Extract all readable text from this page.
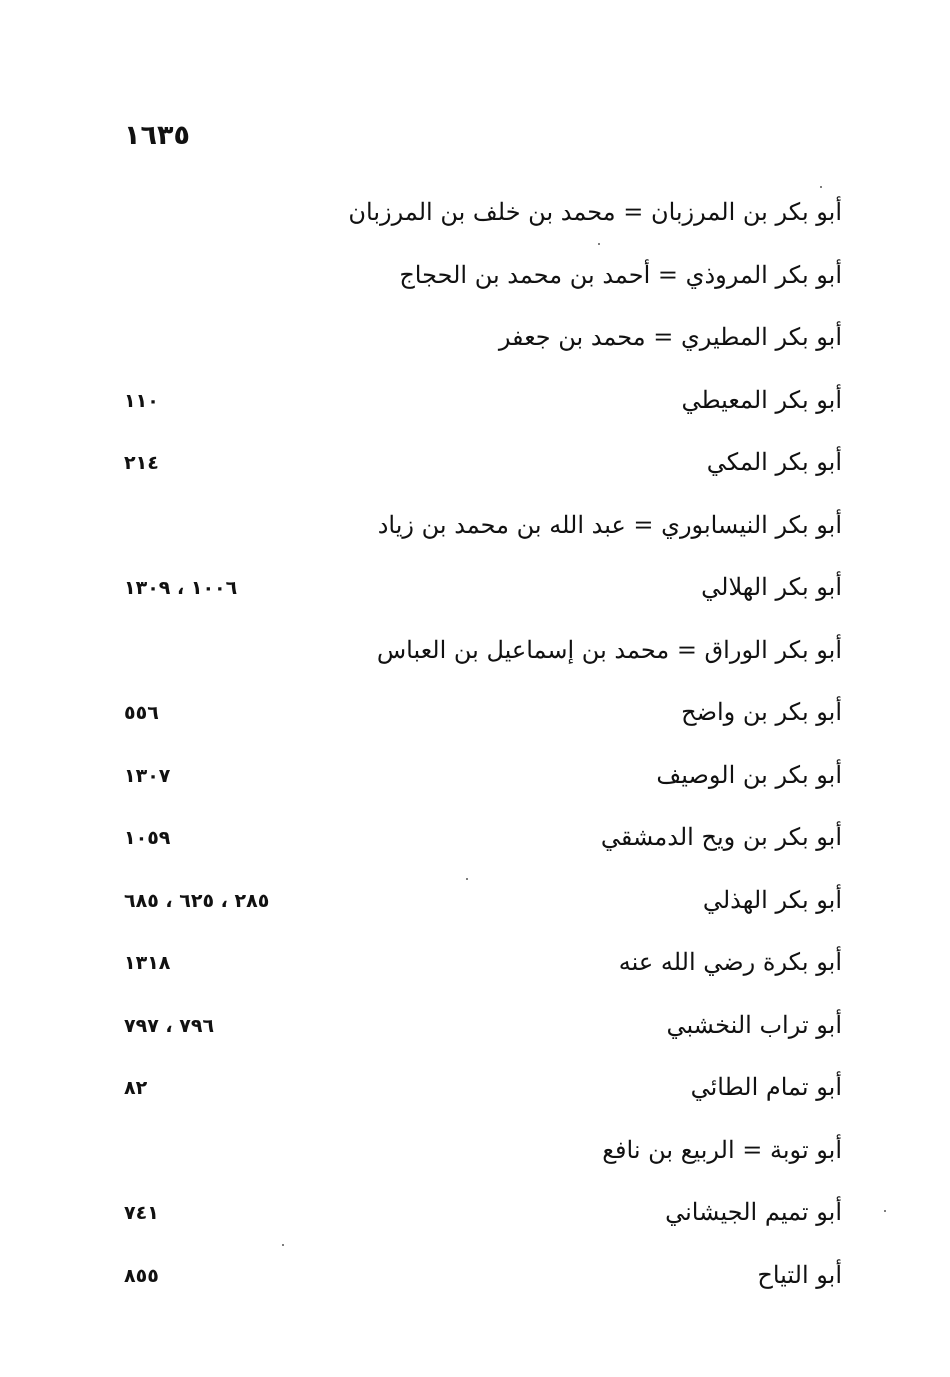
١٦٣٥
أبو بكر بن المرزبان = محمد بن خلف بن المرزبان
أبو بكر المروذي = أحمد بن محمد بن الحجاج
أبو بكر المطيري = محمد بن جعفر
أبو بكر المعيطي
١١٠
أبو بكر المكي
٢١٤
أبو بكر النيسابوري = عبد الله بن محمد بن زياد
أبو بكر الهلالي
١٠٠٦ ، ١٣٠٩
أبو بكر الوراق = محمد بن إسماعيل بن العباس
أبو بكر بن واضح
٥٥٦
أبو بكر بن الوصيف
١٣٠٧
أبو بكر بن ويح الدمشقي
١٠٥٩
أبو بكر الهذلي
٢٨٥ ، ٦٢٥ ، ٦٨٥
أبو بكرة رضي الله عنه
١٣١٨
أبو تراب النخشبي
٧٩٦ ، ٧٩٧
أبو تمام الطائي
٨٢
أبو توبة = الربيع بن نافع
أبو تميم الجيشاني
٧٤١
أبو التياح
٨٥٥
